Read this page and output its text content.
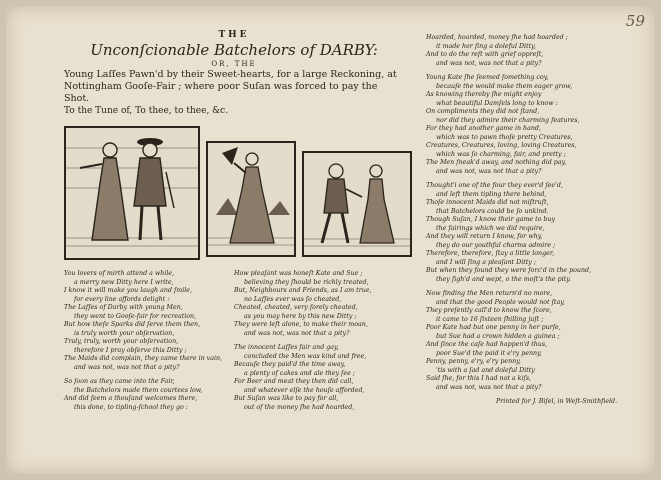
59
THE
Unconſcionable Batchelors of DARBY:
OR, THE
Young Laſſes Pawn'd by their Sweet-hearts, for a large Reckoning, at Nottingham Gooſe-Fair ; where poor Suſan was forced to pay the Shot.
To the Tune of, To thee, to thee, &c.
You lovers of mirth attend a while,
a merry new Ditty here I write,
I know it will make you laugh and ſmile,
for every line affords delight :
The Laſſes of Darby with young Men,
they went to Gooſe-fair for recreation,
But how theſe Sparks did ſerve them then,
is truly worth your obſervation,
Truly, truly, worth your obſervation,
therefore I pray obſerve this Ditty ;
The Maids did complain, they came there in vain,
and was not, was not that a pity?
So ſoon as they came into the Fair,
the Batchelors made them courtees low,
And did ſeem a thouſand welcomes there,
this done, to tipling-ſchool they go :
How pleaſant was honeſt Kate and Sue ;
believing they ſhould be richly treated,
But, Neighbours and Friends, as I am true,
no Laſſes ever was ſo cheated,
Cheated, cheated, very ſorely cheated,
as you may here by this new Ditty ;
They were left alone, to make their moan,
and was not, was not that a pity?
The innocent Laſſes fair and gay,
concluded the Men was kind and free,
Becauſe they paid'd the time away,
a plenty of cakes and ale they ſee ;
For Beer and meat they then did call,
and whatever elſe the houſe afforded,
But Suſan was like to pay for all,
out of the money ſhe had hoarded,
Hoarded, hoarded, money ſhe had hoarded ;
it made her ſing a doleful Ditty,
And to do the reſt with grief oppreſt,
and was not, was not that a pity?
Young Kate ſhe ſeemed ſomething coy,
becauſe the would make them eager grow,
As knowing thereby ſhe might enjoy
what beautiful Damſels long to know :
On compliments they did not ſtand,
nor did they admire their charming features,
For they had another game in hand,
which was to pawn thoſe pretty Creatures,
Creatures, Creatures, loving, loving Creatures,
which was ſo charming, fair, and pretty ;
The Men ſneak'd away, and nothing did pay,
and was not, was not that a pity?
Thought'i one of the four they ever'd ſee'd,
and left them tipling there behind,
Thoſe innocent Maids did not miſtruſt,
that Batchelors could be ſo unkind.
Though Suſan, I know their game to buy
the fairings which we did require,
And they will return I know, for why,
they do our youthful charms admire ;
Therefore, therefore, ſtay a little longer,
and I will ſing a pleaſant Ditty ;
But when they found they were forc'd in the pound,
they ſigh'd and wept, o the moſt's the pity.
Now finding the Men return'd no more,
and that the good People would not ſtay,
They preſently call'd to know the ſcore,
it came to 16 ſixteen ſhilling juſt ;
Poor Kate had but one penny in her purſe,
but Sue had a crown hidden a guinea ;
And ſince the caſe had happen'd thus,
poor Sue'd the paid it e'ry penny,
Penny, penny, e'ry, e'ry penny,
'tis with a ſad and doleful Ditty
Said ſhe, for this I had not a kiſs,
and was not, was not that a pity?
Printed for J. Biſel, in Weſt-Smithfield.
